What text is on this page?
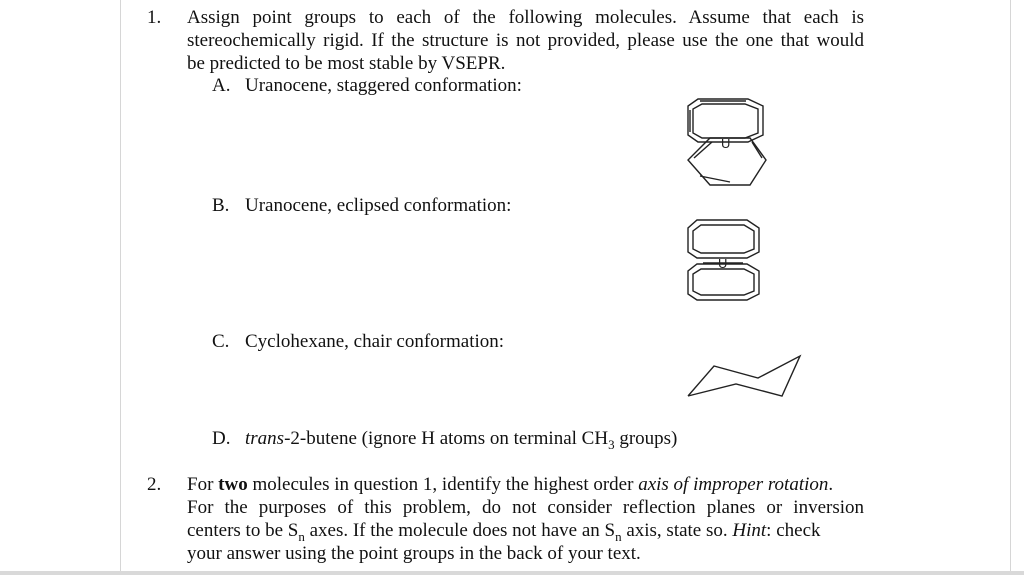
1. Assign point groups to each of the following molecules. Assume that each is
stereochemically rigid. If the structure is not provided, please use the one that would
be predicted to be most stable by VSEPR.
A. Uranocene, staggered conformation:
B. Uranocene, eclipsed conformation:
C. Cyclohexane, chair conformation:
D. trans-2-butene (ignore H atoms on terminal $CH_3$ groups)
U
U
2. For two molecules in question 1, identify the highest order axis of improper rotation.
For the purposes of this problem, do not consider reflection planes or inversion
centers to be $S_n$ axes. If the molecule does not have an $S_n$ axis, state so. Hint: check
your answer using the point groups in the back of your text.
